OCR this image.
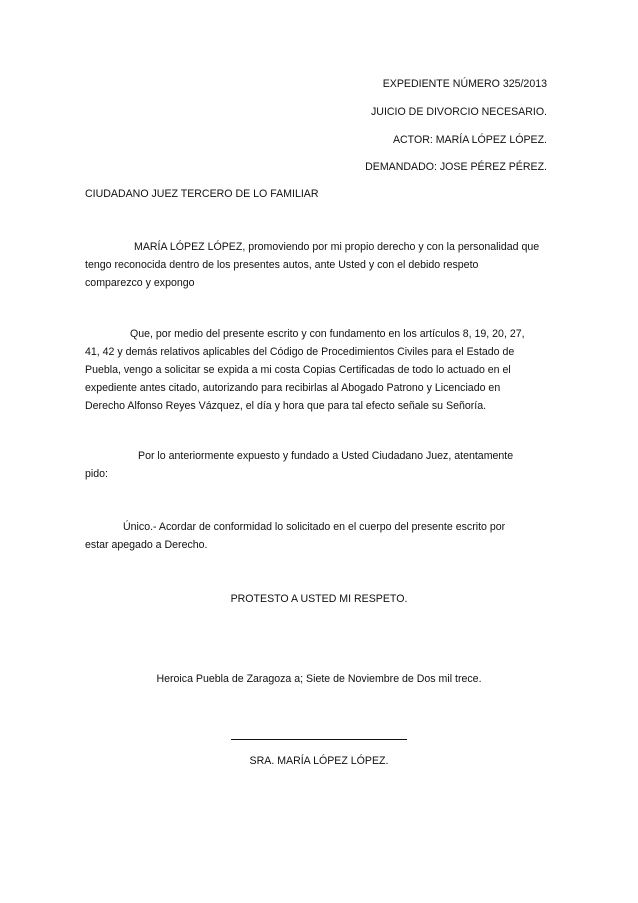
EXPEDIENTE NÚMERO 325/2013
JUICIO DE DIVORCIO NECESARIO.
ACTOR: MARÍA LÓPEZ LÓPEZ.
DEMANDADO: JOSE PÉREZ PÉREZ.
CIUDADANO JUEZ TERCERO DE LO FAMILIAR
MARÍA LÓPEZ LÓPEZ, promoviendo por mi propio derecho y con la personalidad que
tengo reconocida dentro de los presentes autos, ante Usted y con el debido respeto
comparezco y expongo
Que, por medio del presente escrito y con fundamento en los artículos 8, 19, 20, 27,
41, 42 y demás relativos aplicables del Código de Procedimientos Civiles para el Estado de
Puebla, vengo a solicitar se expida a mi costa Copias Certificadas de todo lo actuado en el
expediente antes citado, autorizando para recibirlas al Abogado Patrono y Licenciado en
Derecho Alfonso Reyes Vázquez, el día y hora que para tal efecto señale su Señoría.
Por lo anteriormente expuesto y fundado a Usted Ciudadano Juez, atentamente
pido:
Único.- Acordar de conformidad lo solicitado en el cuerpo del presente escrito por
estar apegado a Derecho.
PROTESTO A USTED MI RESPETO.
Heroica Puebla de Zaragoza a; Siete de Noviembre de Dos mil trece.
SRA. MARÍA LÓPEZ LÓPEZ.
